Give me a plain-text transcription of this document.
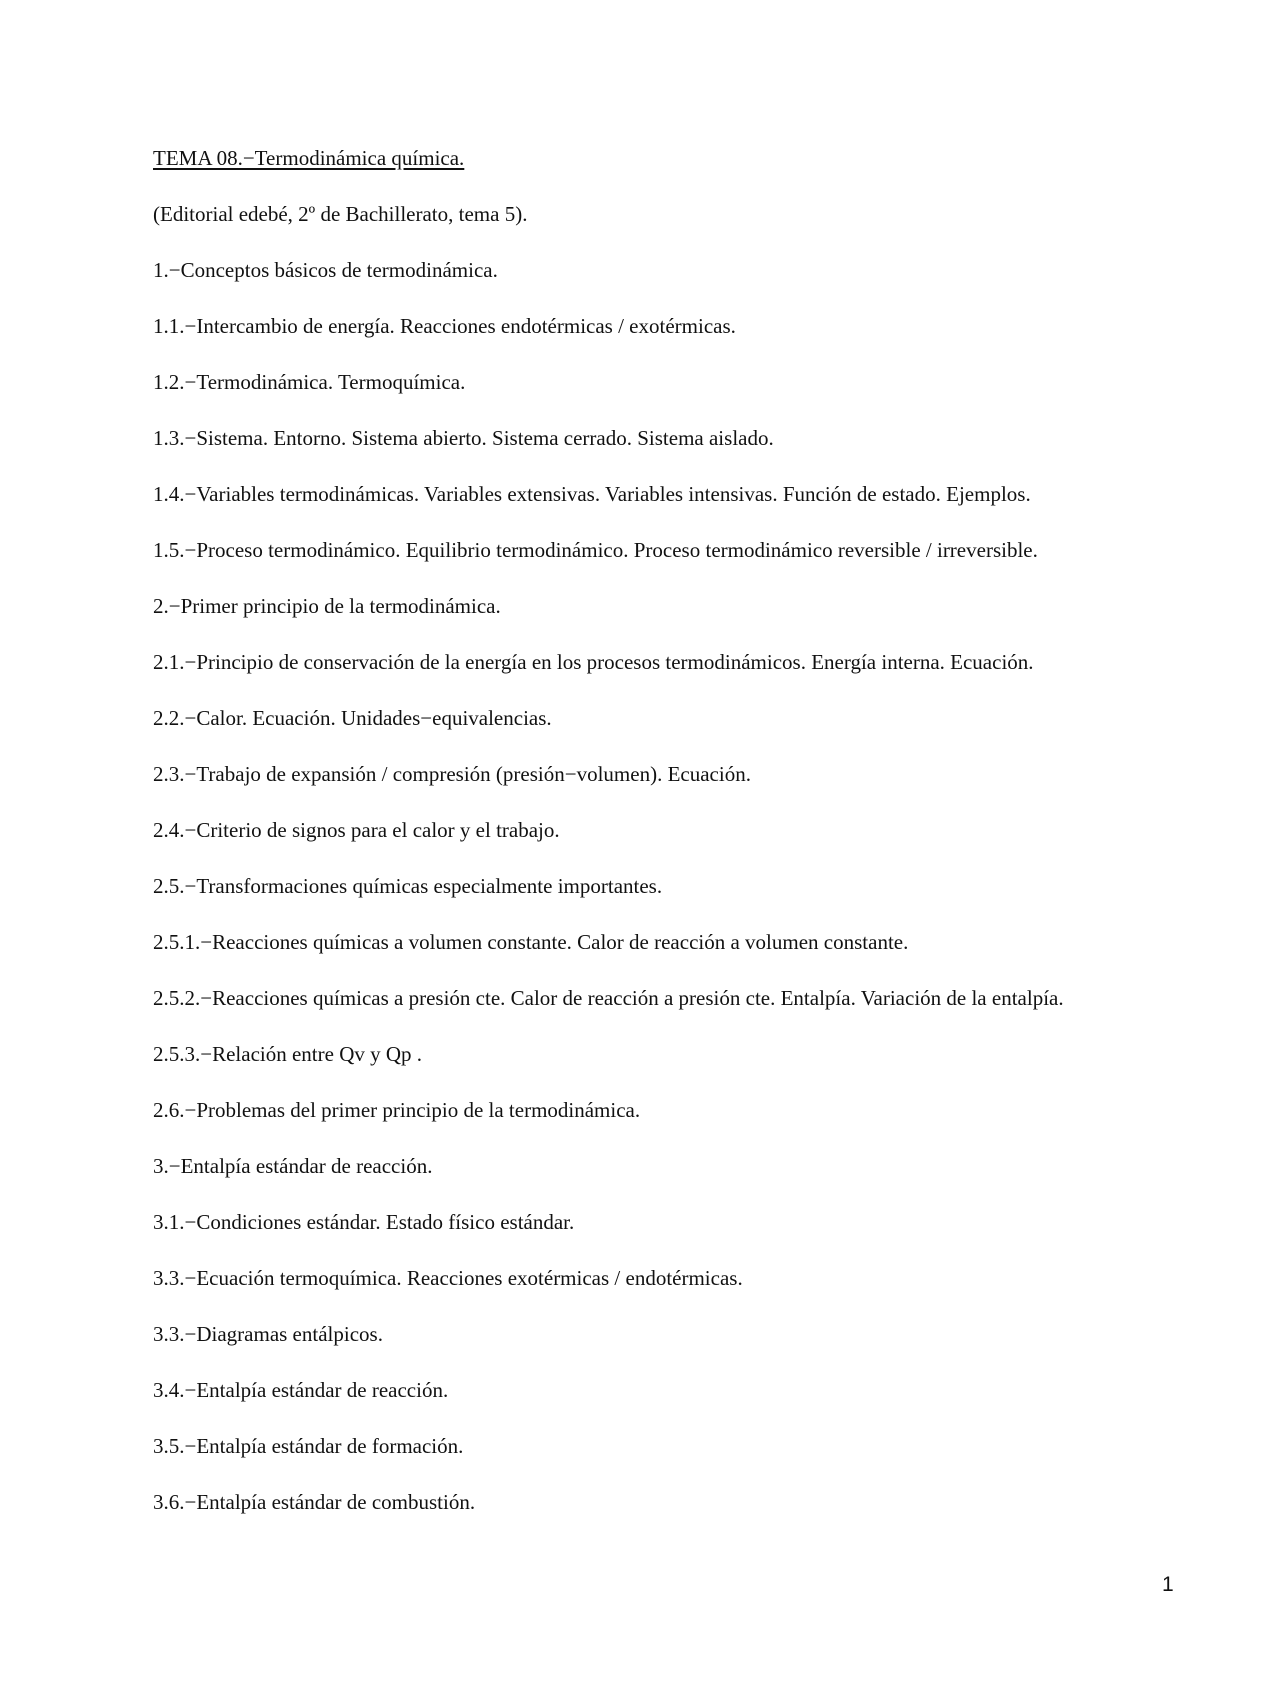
TEMA 08.−Termodinámica química.

(Editorial edebé, 2º de Bachillerato, tema 5).

1.−Conceptos básicos de termodinámica.

1.1.−Intercambio de energía. Reacciones endotérmicas / exotérmicas.

1.2.−Termodinámica. Termoquímica.

1.3.−Sistema. Entorno. Sistema abierto. Sistema cerrado. Sistema aislado.

1.4.−Variables termodinámicas. Variables extensivas. Variables intensivas. Función de estado. Ejemplos.

1.5.−Proceso termodinámico. Equilibrio termodinámico. Proceso termodinámico reversible / irreversible.

2.−Primer principio de la termodinámica.

2.1.−Principio de conservación de la energía en los procesos termodinámicos. Energía interna. Ecuación.

2.2.−Calor. Ecuación. Unidades−equivalencias.

2.3.−Trabajo de expansión / compresión (presión−volumen). Ecuación.

2.4.−Criterio de signos para el calor y el trabajo.

2.5.−Transformaciones químicas especialmente importantes.

2.5.1.−Reacciones químicas a volumen constante. Calor de reacción a volumen constante.

2.5.2.−Reacciones químicas a presión cte. Calor de reacción a presión cte. Entalpía. Variación de la entalpía.

2.5.3.−Relación entre Qv y Qp .

2.6.−Problemas del primer principio de la termodinámica.

3.−Entalpía estándar de reacción.

3.1.−Condiciones estándar. Estado físico estándar.

3.3.−Ecuación termoquímica. Reacciones exotérmicas / endotérmicas.

3.3.−Diagramas entálpicos.

3.4.−Entalpía estándar de reacción.

3.5.−Entalpía estándar de formación.

3.6.−Entalpía estándar de combustión.

1
